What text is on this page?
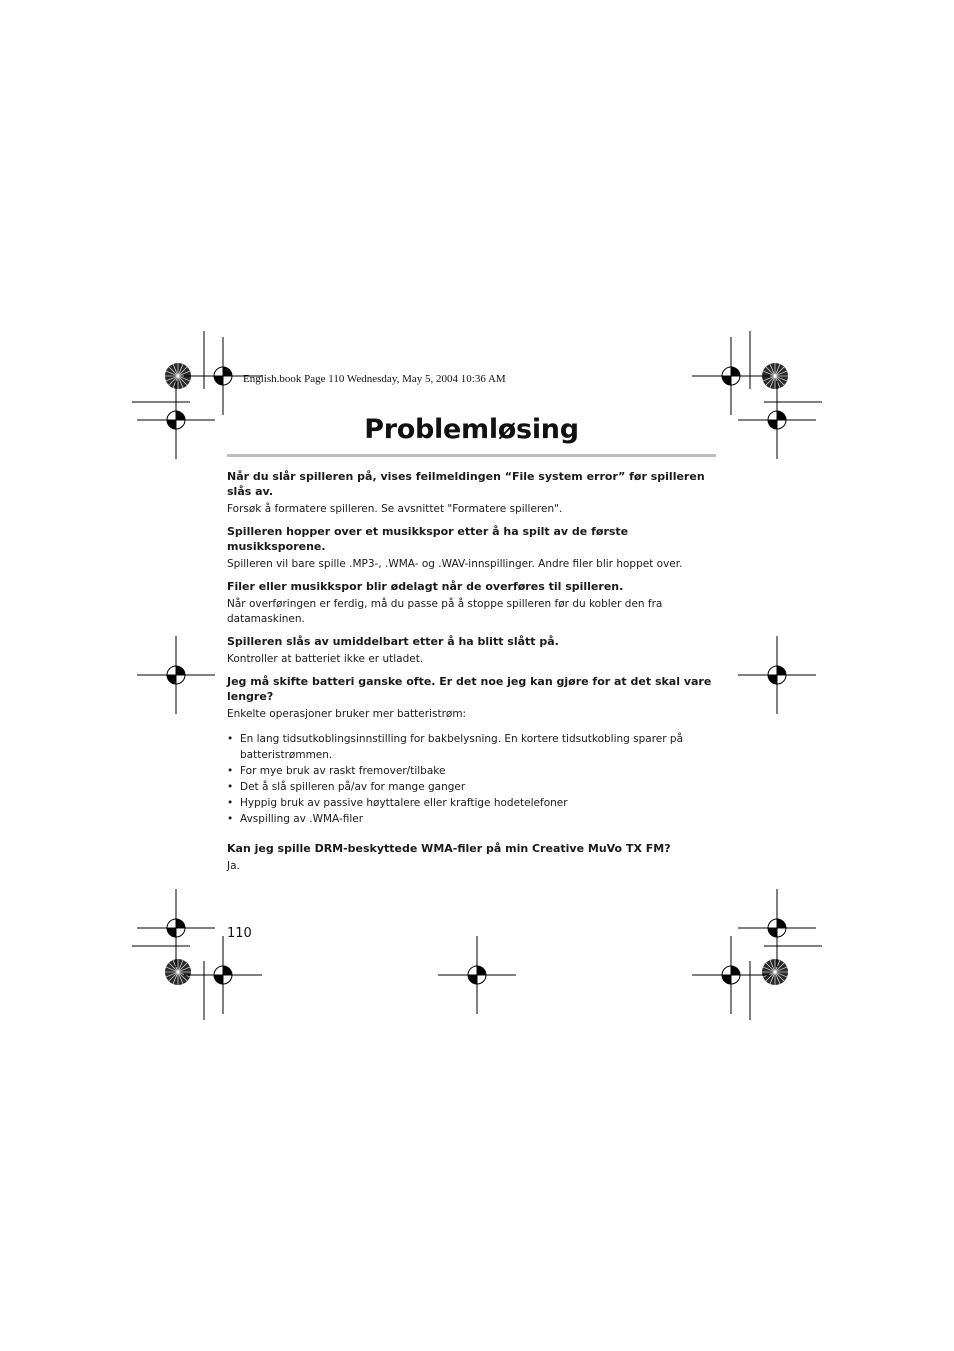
English.book Page 110 Wednesday, May 5, 2004 10:36 AM
Problemløsing

Når du slår spilleren på, vises feilmeldingen “File system error” før spilleren slås av.

Forsøk å formatere spilleren. Se avsnittet "Formatere spilleren".

Spilleren hopper over et musikkspor etter å ha spilt av de første musikksporene.

Spilleren vil bare spille .MP3-, .WMA- og .WAV-innspillinger. Andre filer blir hoppet over.

Filer eller musikkspor blir ødelagt når de overføres til spilleren.

Når overføringen er ferdig, må du passe på å stoppe spilleren før du kobler den fra datamaskinen.

Spilleren slås av umiddelbart etter å ha blitt slått på.

Kontroller at batteriet ikke er utladet.

Jeg må skifte batteri ganske ofte. Er det noe jeg kan gjøre for at det skal vare lengre?

Enkelte operasjoner bruker mer batteristrøm:

• En lang tidsutkoblingsinnstilling for bakbelysning. En kortere tidsutkobling sparer på batteristrømmen.
• For mye bruk av raskt fremover/tilbake
• Det å slå spilleren på/av for mange ganger
• Hyppig bruk av passive høyttalere eller kraftige hodetelefoner
• Avspilling av .WMA-filer

Kan jeg spille DRM-beskyttede WMA-filer på min Creative MuVo TX FM?

Ja.

110
